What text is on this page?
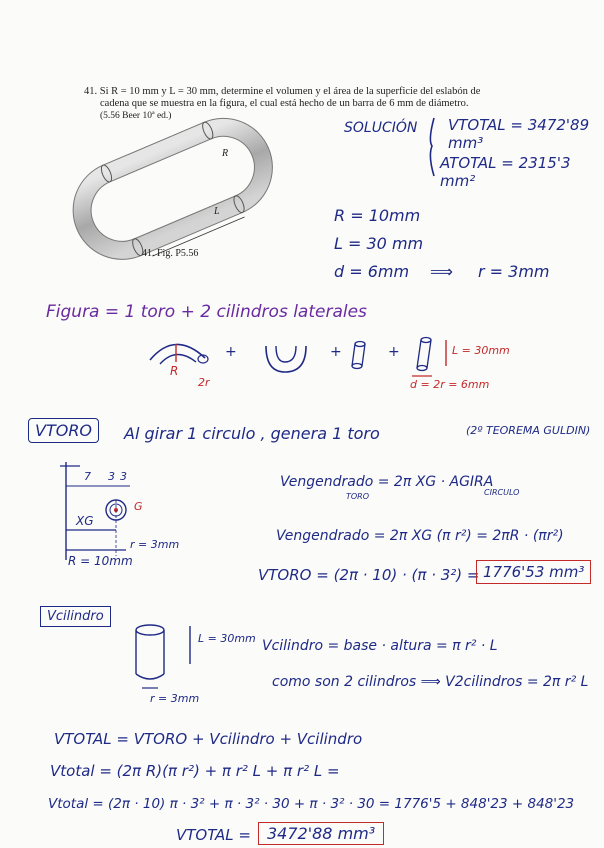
41. Si R = 10 mm y L = 30 mm, determine el volumen y el área de la superficie del eslabón de
cadena que se muestra en la figura, el cual está hecho de un barra de 6 mm de diámetro.
(5.56 Beer 10ª ed.)
R
L
41. Fig. P5.56
SOLUCIÓN VTOTAL = 3472'89 mm³
ATOTAL = 2315'3 mm²
R = 10mm
L = 30 mm
d = 6mm ⟹ r = 3mm
Figura = 1 toro + 2 cilindros laterales
+	+	+
R
2r
L = 30mm
d = 2r = 6mm
VTORO	Al girar 1 circulo , genera 1 toro	(2º TEOREMA GULDIN)
7 3 3
G
XG
r = 3mm
R = 10mm
Vengendrado = 2π XG · AGIRA
TORO	CIRCULO
Vengendrado = 2π XG (π r²) = 2πR · (πr²)
VTORO = (2π · 10) · (π · 3²) = 1776'53 mm³
Vcilindro
L = 30mm
r = 3mm
Vcilindro = base · altura = π r² · L
como son 2 cilindros ⟹ V2cilindros = 2π r² L
VTOTAL = VTORO + Vcilindro + Vcilindro
Vtotal = (2π R)(π r²) + π r² L + π r² L =
Vtotal = (2π · 10) π · 3² + π · 3² · 30 + π · 3² · 30 = 1776'5 + 848'23 + 848'23
VTOTAL =	3472'88 mm³
